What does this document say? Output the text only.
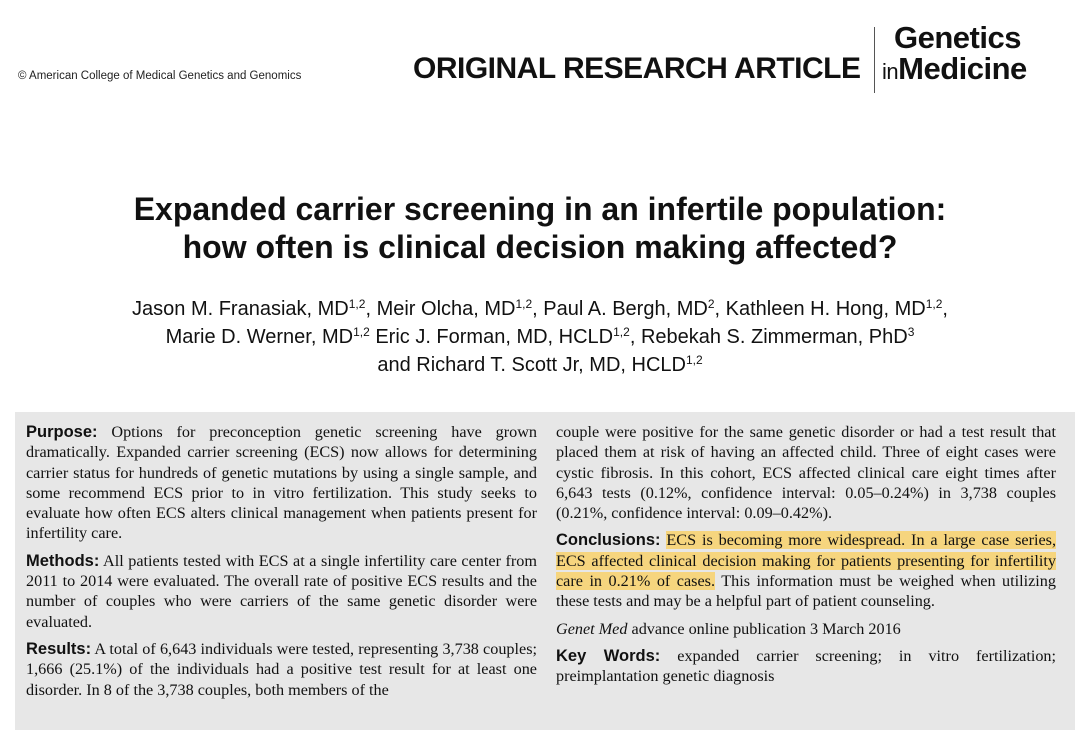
© American College of Medical Genetics and Genomics	ORIGINAL RESEARCH ARTICLE
Genetics
inMedicine
Expanded carrier screening in an infertile population:
how often is clinical decision making affected?
Jason M. Franasiak, MD$^{1,2}$, Meir Olcha, MD$^{1,2}$, Paul A. Bergh, $MD^2$, Kathleen H. Hong, MD$^{1,2}$,
Marie D. Werner, MD$^{1,2}$ Eric J. Forman, MD, HCLD$^{1,2}$, Rebekah S. Zimmerman, PhD$^3$
and Richard T. Scott Jr, MD, HCLD$^{1,2}$

Purpose: Options for preconception genetic screening have grown dramatically. Expanded carrier screening (ECS) now allows for determining carrier status for hundreds of genetic mutations by using a single sample, and some recommend ECS prior to in vitro fertilization. This study seeks to evaluate how often ECS alters clinical management when patients present for infertility care.

Methods: All patients tested with ECS at a single infertility care center from 2011 to 2014 were evaluated. The overall rate of positive ECS results and the number of couples who were carriers of the same genetic disorder were evaluated.

Results: A total of 6,643 individuals were tested, representing 3,738 couples; 1,666 (25.1%) of the individuals had a positive test result for at least one disorder. In 8 of the 3,738 couples, both members of the

couple were positive for the same genetic disorder or had a test result that placed them at risk of having an affected child. Three of eight cases were cystic fibrosis. In this cohort, ECS affected clinical care eight times after 6,643 tests (0.12%, confidence interval: 0.05–0.24%) in 3,738 couples (0.21%, confidence interval: 0.09–0.42%).

Conclusions: ECS is becoming more widespread. In a large case series, ECS affected clinical decision making for patients presenting for infertility care in 0.21% of cases. This information must be weighed when utilizing these tests and may be a helpful part of patient counseling.

Genet Med advance online publication 3 March 2016

Key Words: expanded carrier screening; in vitro fertilization; preimplantation genetic diagnosis
